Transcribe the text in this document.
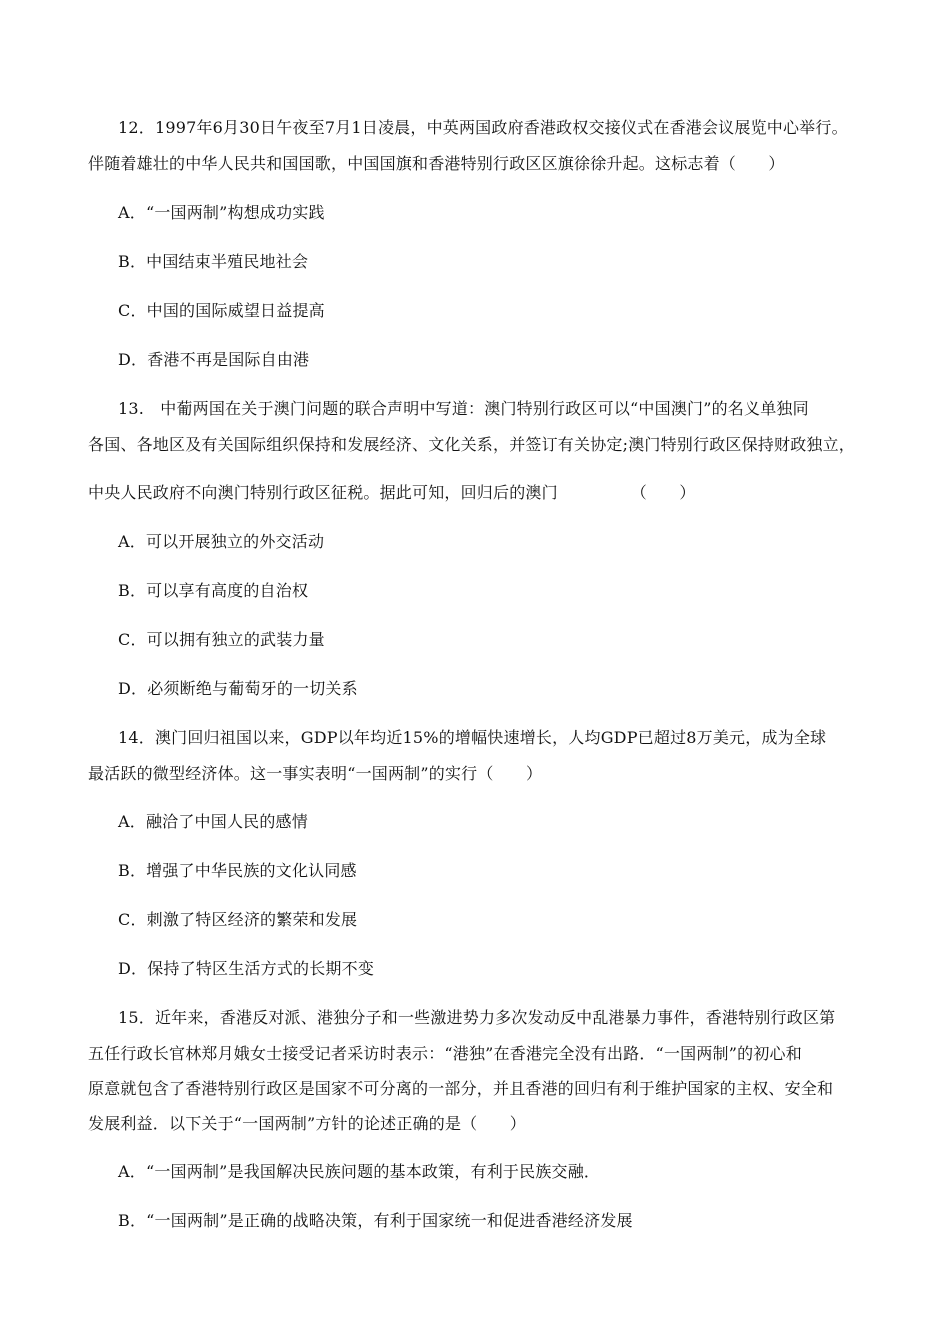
12．1997年6月30日午夜至7月1日凌晨，中英两国政府香港政权交接仪式在香港会议展览中心举行。
伴随着雄壮的中华人民共和国国歌，中国国旗和香港特别行政区区旗徐徐升起。这标志着（　　）
A．“一国两制”构想成功实践
B．中国结束半殖民地社会
C．中国的国际威望日益提高
D．香港不再是国际自由港
13.　中葡两国在关于澳门问题的联合声明中写道：澳门特别行政区可以“中国澳门”的名义单独同
各国、各地区及有关国际组织保持和发展经济、文化关系，并签订有关协定;澳门特别行政区保持财政独立，
中央人民政府不向澳门特别行政区征税。据此可知，回归后的澳门　　　　　（　　）
A．可以开展独立的外交活动
B．可以享有高度的自治权
C．可以拥有独立的武装力量
D．必须断绝与葡萄牙的一切关系
14．澳门回归祖国以来，GDP以年均近15%的增幅快速增长，人均GDP已超过8万美元，成为全球
最活跃的微型经济体。这一事实表明“一国两制”的实行（　　）
A．融洽了中国人民的感情
B．增强了中华民族的文化认同感
C．刺激了特区经济的繁荣和发展
D．保持了特区生活方式的长期不变
15．近年来，香港反对派、港独分子和一些激进势力多次发动反中乱港暴力事件，香港特别行政区第
五任行政长官林郑月娥女士接受记者采访时表示：“港独”在香港完全没有出路．“一国两制”的初心和
原意就包含了香港特别行政区是国家不可分离的一部分，并且香港的回归有利于维护国家的主权、安全和
发展利益．以下关于“一国两制”方针的论述正确的是（　　）
A．“一国两制”是我国解决民族问题的基本政策，有利于民族交融．
B．“一国两制”是正确的战略决策，有利于国家统一和促进香港经济发展
